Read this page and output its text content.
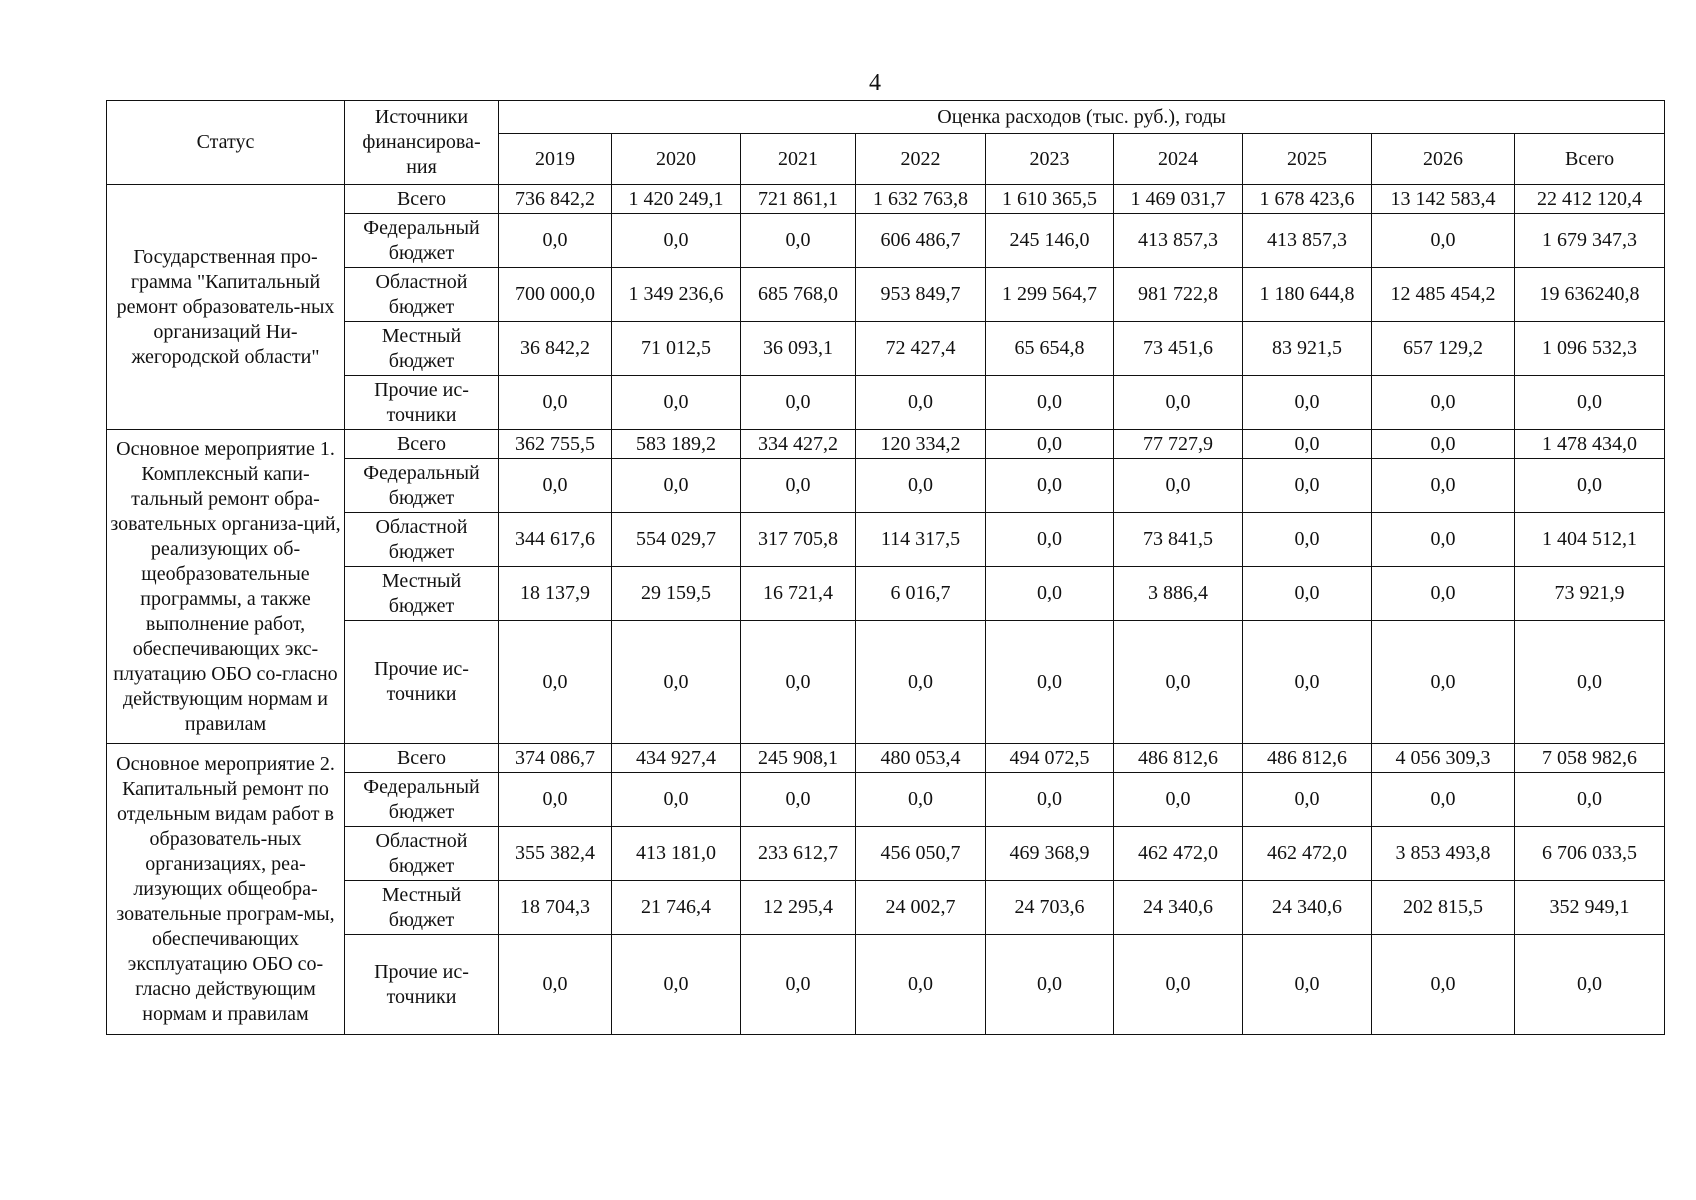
4
Статус	Источники финансирова-ния	Оценка расходов (тыс. руб.), годы								
		2019	2020	2021	2022	2023	2024	2025	2026	Всего
Государственная про-грамма "Капитальный ремонт образователь-ных организаций Ни-жегородской области"	Всего	736 842,2	1 420 249,1	721 861,1	1 632 763,8	1 610 365,5	1 469 031,7	1 678 423,6	13 142 583,4	22 412 120,4
	Федеральный бюджет	0,0	0,0	0,0	606 486,7	245 146,0	413 857,3	413 857,3	0,0	1 679 347,3
	Областной бюджет	700 000,0	1 349 236,6	685 768,0	953 849,7	1 299 564,7	981 722,8	1 180 644,8	12 485 454,2	19 636240,8
	Местный бюджет	36 842,2	71 012,5	36 093,1	72 427,4	65 654,8	73 451,6	83 921,5	657 129,2	1 096 532,3
	Прочие ис-точники	0,0	0,0	0,0	0,0	0,0	0,0	0,0	0,0	0,0
Основное мероприятие 1. Комплексный капи-тальный ремонт обра-зовательных организа-ций, реализующих об-щеобразовательные программы, а также выполнение работ, обеспечивающих экс-плуатацию ОБО со-гласно действующим нормам и правилам	Всего	362 755,5	583 189,2	334 427,2	120 334,2	0,0	77 727,9	0,0	0,0	1 478 434,0
	Федеральный бюджет	0,0	0,0	0,0	0,0	0,0	0,0	0,0	0,0	0,0
	Областной бюджет	344 617,6	554 029,7	317 705,8	114 317,5	0,0	73 841,5	0,0	0,0	1 404 512,1
	Местный бюджет	18 137,9	29 159,5	16 721,4	6 016,7	0,0	3 886,4	0,0	0,0	73 921,9
	Прочие ис-точники	0,0	0,0	0,0	0,0	0,0	0,0	0,0	0,0	0,0
Основное мероприятие 2. Капитальный ремонт по отдельным видам работ в образователь-ных организациях, реа-лизующих общеобра-зовательные програм-мы, обеспечивающих эксплуатацию ОБО со-гласно действующим нормам и правилам	Всего	374 086,7	434 927,4	245 908,1	480 053,4	494 072,5	486 812,6	486 812,6	4 056 309,3	7 058 982,6
	Федеральный бюджет	0,0	0,0	0,0	0,0	0,0	0,0	0,0	0,0	0,0
	Областной бюджет	355 382,4	413 181,0	233 612,7	456 050,7	469 368,9	462 472,0	462 472,0	3 853 493,8	6 706 033,5
	Местный бюджет	18 704,3	21 746,4	12 295,4	24 002,7	24 703,6	24 340,6	24 340,6	202 815,5	352 949,1
	Прочие ис-точники	0,0	0,0	0,0	0,0	0,0	0,0	0,0	0,0	0,0
